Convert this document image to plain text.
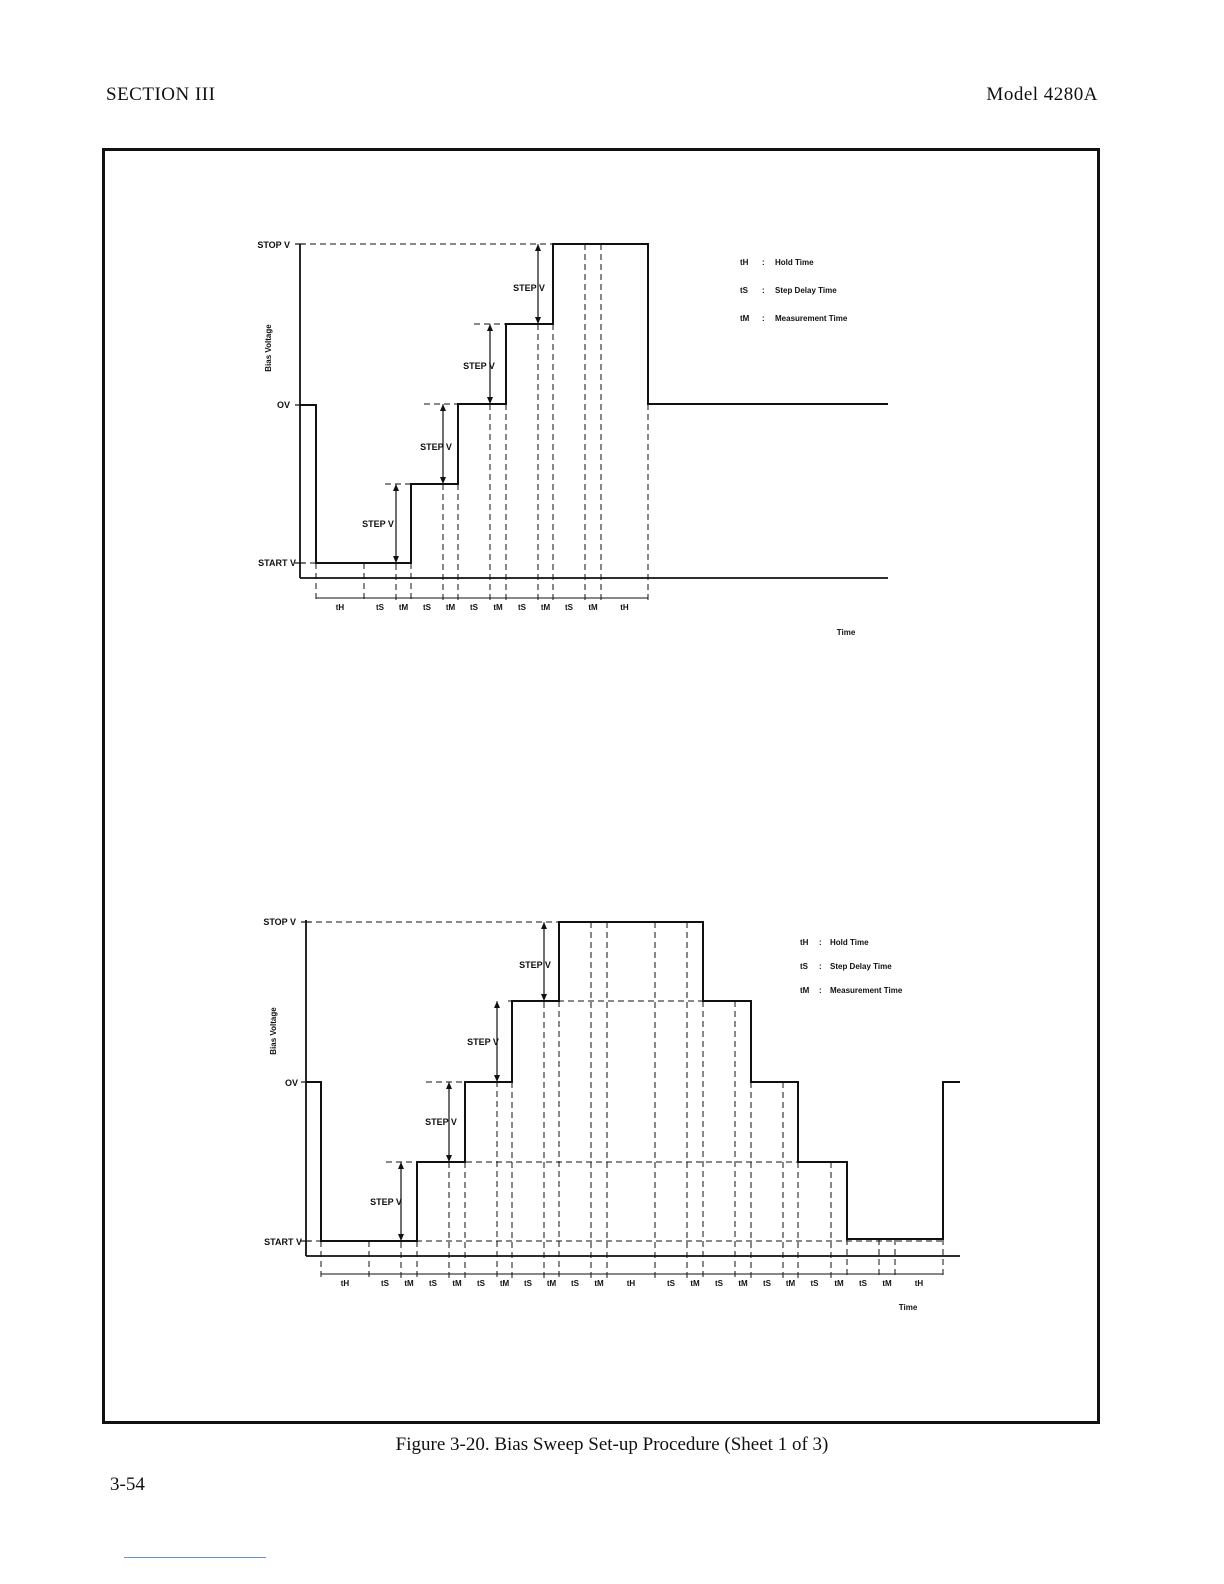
SECTION III	Model 4280A
STOP V
OV
START V
Bias Voltage
STEP V
STEP V
STEP V
STEP V
Time
tH : Hold Time
tS : Step Delay Time
tM : Measurement Time
tH	tS tM tS tM tS tM tS tM tS tM	tH
STOP V
OV
START V
Bias Voltage
STEP V
STEP V
STEP V
STEP V
Time
tH : Hold Time
tS : Step Delay Time
tM : Measurement Time
tH	tS tM tS tM tS tM tS tM tS tM	tH	tS tM tS tM tS tM tS tM tS tM	tH
Figure 3-20. Bias Sweep Set-up Procedure (Sheet 1 of 3)
3-54
